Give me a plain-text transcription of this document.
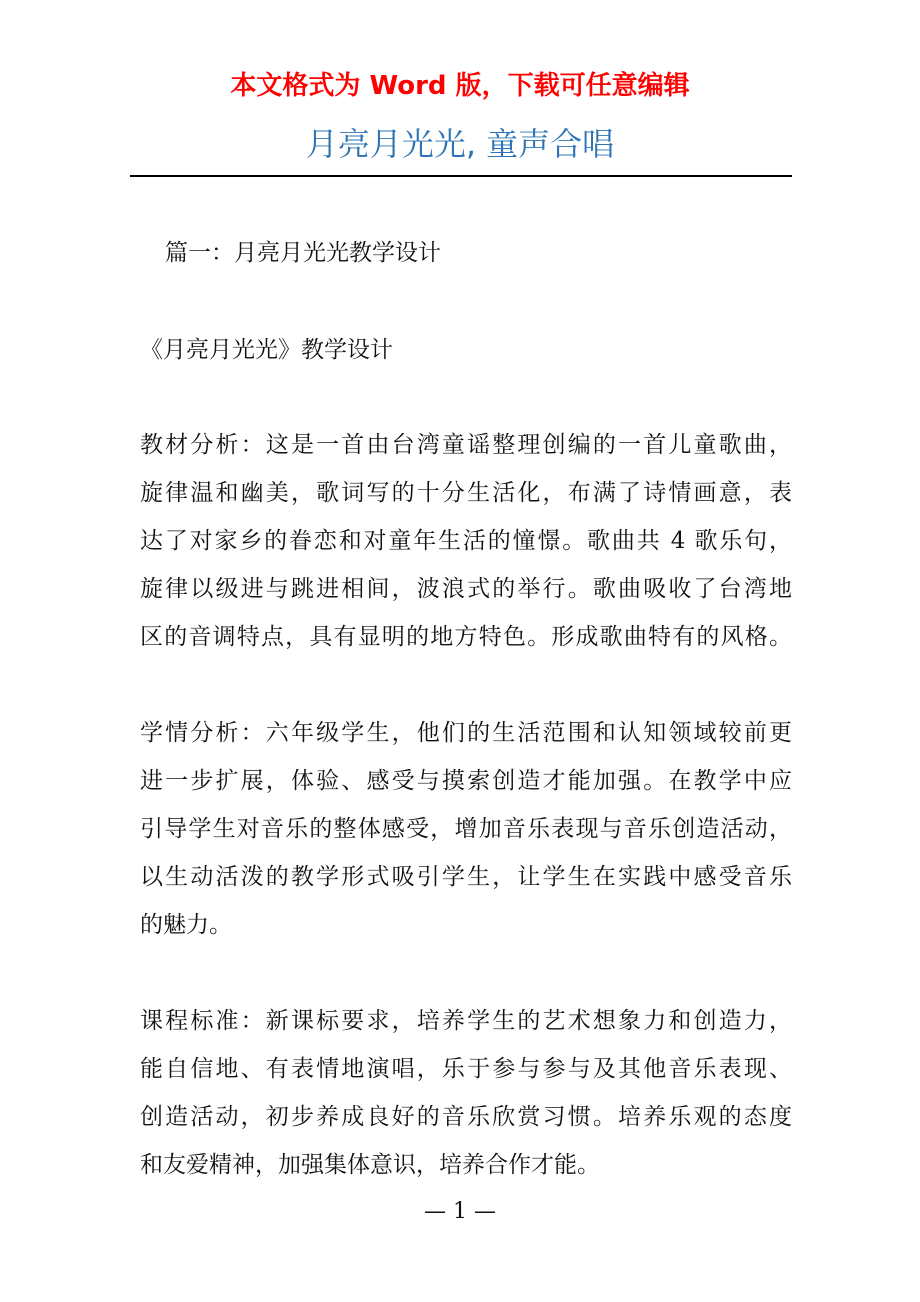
本文格式为 Word 版，下载可任意编辑
月亮月光光, 童声合唱
篇一：月亮月光光教学设计
《月亮月光光》教学设计
教材分析：这是一首由台湾童谣整理创编的一首儿童歌曲，
旋律温和幽美，歌词写的十分生活化，布满了诗情画意，表
达了对家乡的眷恋和对童年生活的憧憬。歌曲共 4 歌乐句，
旋律以级进与跳进相间，波浪式的举行。歌曲吸收了台湾地
区的音调特点，具有显明的地方特色。形成歌曲特有的风格。
学情分析：六年级学生，他们的生活范围和认知领域较前更
进一步扩展，体验、感受与摸索创造才能加强。在教学中应
引导学生对音乐的整体感受，增加音乐表现与音乐创造活动，
以生动活泼的教学形式吸引学生，让学生在实践中感受音乐
的魅力。
课程标准：新课标要求，培养学生的艺术想象力和创造力，
能自信地、有表情地演唱，乐于参与参与及其他音乐表现、
创造活动，初步养成良好的音乐欣赏习惯。培养乐观的态度
和友爱精神，加强集体意识，培养合作才能。
— 1 —
